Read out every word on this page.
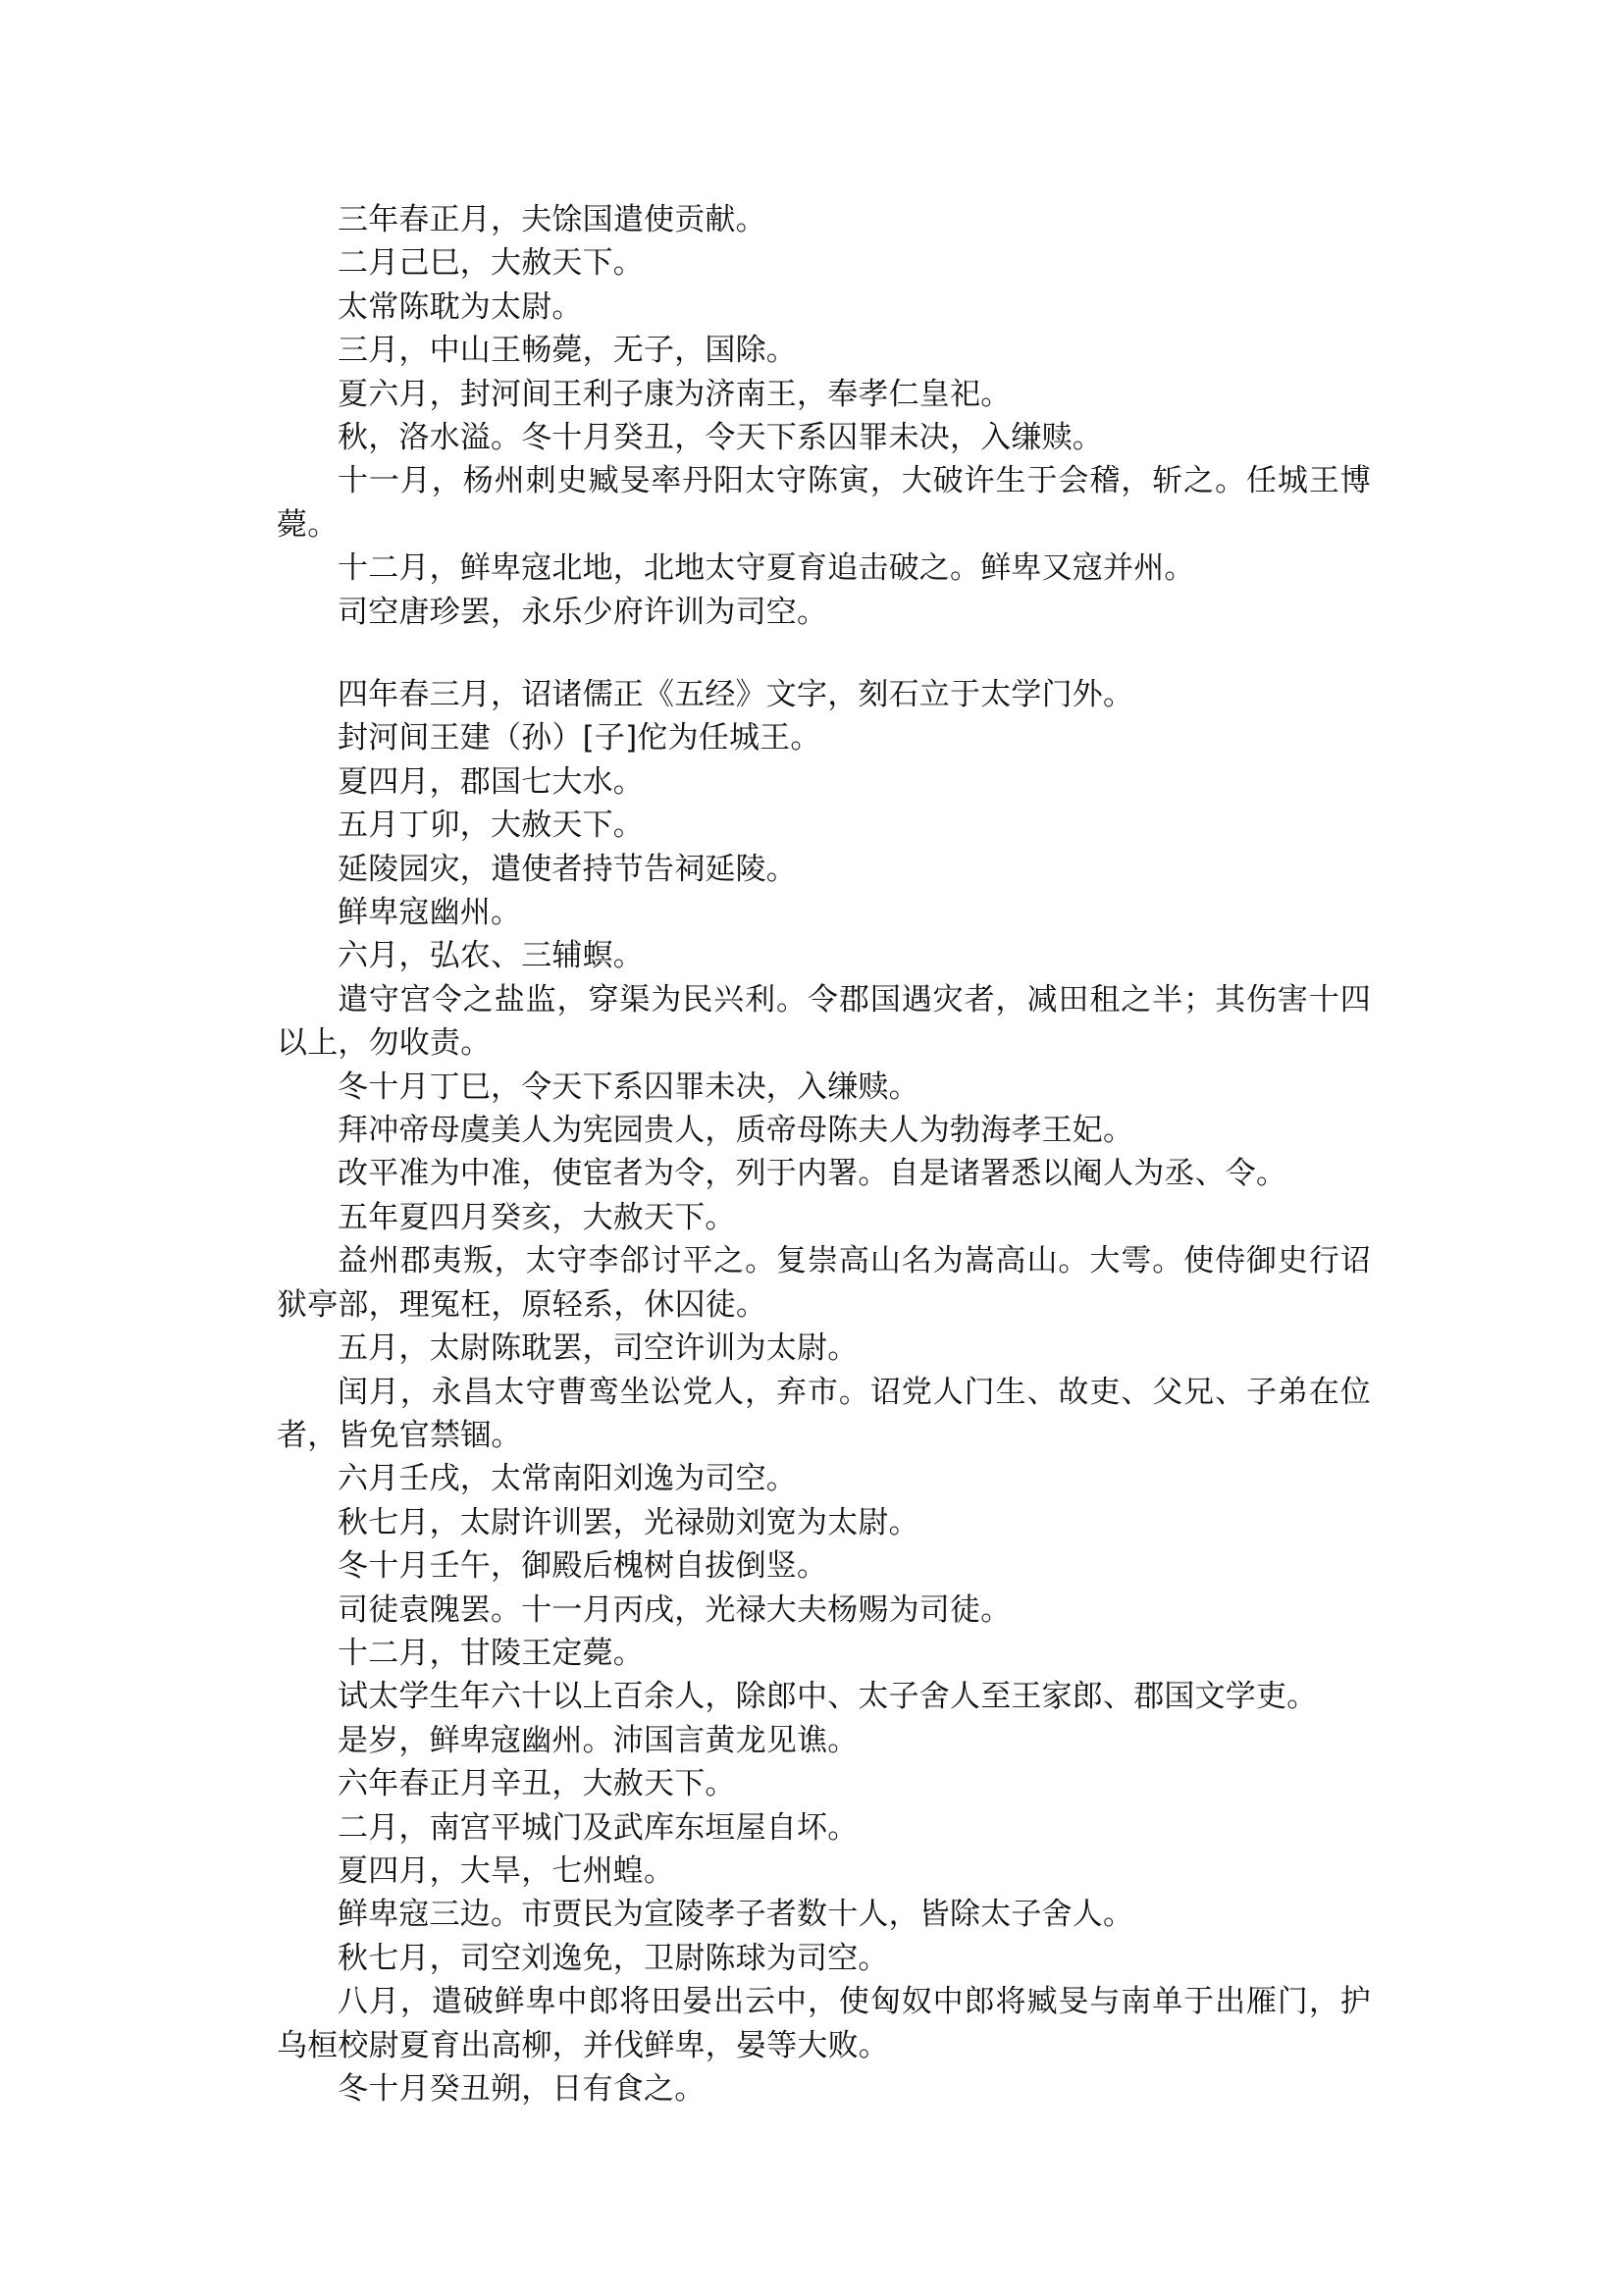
三年春正月，夫馀国遣使贡献。

二月己巳，大赦天下。

太常陈耽为太尉。

三月，中山王畅薨，无子，国除。

夏六月，封河间王利子康为济南王，奉孝仁皇祀。

秋，洛水溢。冬十月癸丑，令天下系囚罪未决，入缣赎。

十一月，杨州刺史臧旻率丹阳太守陈寅，大破许生于会稽，斩之。任城王博薨。

十二月，鲜卑寇北地，北地太守夏育追击破之。鲜卑又寇并州。

司空唐珍罢，永乐少府许训为司空。

四年春三月，诏诸儒正《五经》文字，刻石立于太学门外。

封河间王建（孙）[子]佗为任城王。

夏四月，郡国七大水。

五月丁卯，大赦天下。

延陵园灾，遣使者持节告祠延陵。

鲜卑寇幽州。

六月，弘农、三辅螟。

遣守宫令之盐监，穿渠为民兴利。令郡国遇灾者，减田租之半；其伤害十四以上，勿收责。

冬十月丁巳，令天下系囚罪未决，入缣赎。

拜冲帝母虞美人为宪园贵人，质帝母陈夫人为勃海孝王妃。

改平准为中准，使宦者为令，列于内署。自是诸署悉以阉人为丞、令。

五年夏四月癸亥，大赦天下。

益州郡夷叛，太守李郃讨平之。复崇高山名为嵩高山。大雩。使侍御史行诏狱亭部，理冤枉，原轻系，休囚徒。

五月，太尉陈耽罢，司空许训为太尉。

闰月，永昌太守曹鸾坐讼党人，弃市。诏党人门生、故吏、父兄、子弟在位者，皆免官禁锢。

六月壬戌，太常南阳刘逸为司空。

秋七月，太尉许训罢，光禄勋刘宽为太尉。

冬十月壬午，御殿后槐树自拔倒竖。

司徒袁隗罢。十一月丙戌，光禄大夫杨赐为司徒。

十二月，甘陵王定薨。

试太学生年六十以上百余人，除郎中、太子舍人至王家郎、郡国文学吏。

是岁，鲜卑寇幽州。沛国言黄龙见谯。

六年春正月辛丑，大赦天下。

二月，南宫平城门及武库东垣屋自坏。

夏四月，大旱，七州蝗。

鲜卑寇三边。市贾民为宣陵孝子者数十人，皆除太子舍人。

秋七月，司空刘逸免，卫尉陈球为司空。

八月，遣破鲜卑中郎将田晏出云中，使匈奴中郎将臧旻与南单于出雁门，护乌桓校尉夏育出高柳，并伐鲜卑，晏等大败。

冬十月癸丑朔，日有食之。
